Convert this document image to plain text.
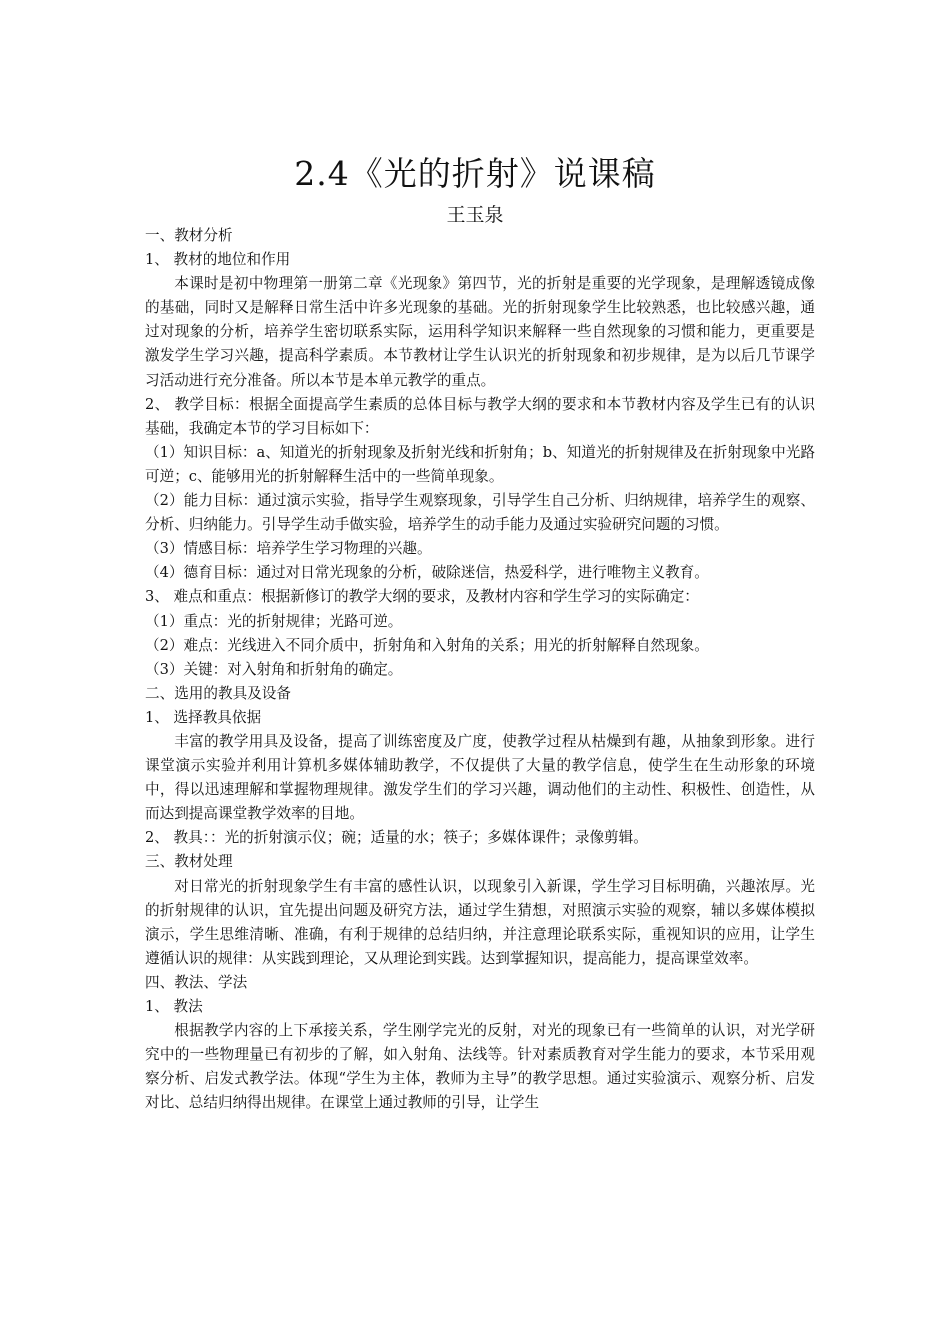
2.4《光的折射》说课稿
王玉泉

一、教材分析

1、 教材的地位和作用

本课时是初中物理第一册第二章《光现象》第四节，光的折射是重要的光学现象，是理解透镜成像的基础，同时又是解释日常生活中许多光现象的基础。光的折射现象学生比较熟悉，也比较感兴趣，通过对现象的分析，培养学生密切联系实际，运用科学知识来解释一些自然现象的习惯和能力，更重要是激发学生学习兴趣，提高科学素质。本节教材让学生认识光的折射现象和初步规律，是为以后几节课学习活动进行充分准备。所以本节是本单元教学的重点。

2、 教学目标：根据全面提高学生素质的总体目标与教学大纲的要求和本节教材内容及学生已有的认识基础，我确定本节的学习目标如下：

（1）知识目标：a、知道光的折射现象及折射光线和折射角；b、知道光的折射规律及在折射现象中光路可逆；c、能够用光的折射解释生活中的一些简单现象。

（2）能力目标：通过演示实验，指导学生观察现象，引导学生自己分析、归纳规律，培养学生的观察、分析、归纳能力。引导学生动手做实验，培养学生的动手能力及通过实验研究问题的习惯。

（3）情感目标：培养学生学习物理的兴趣。

（4）德育目标：通过对日常光现象的分析，破除迷信，热爱科学，进行唯物主义教育。

3、 难点和重点：根据新修订的教学大纲的要求，及教材内容和学生学习的实际确定：

（1）重点：光的折射规律；光路可逆。

（2）难点：光线进入不同介质中，折射角和入射角的关系；用光的折射解释自然现象。

（3）关键：对入射角和折射角的确定。

二、选用的教具及设备

1、 选择教具依据

丰富的教学用具及设备，提高了训练密度及广度，使教学过程从枯燥到有趣，从抽象到形象。进行课堂演示实验并利用计算机多媒体辅助教学，不仅提供了大量的教学信息，使学生在生动形象的环境中，得以迅速理解和掌握物理规律。激发学生们的学习兴趣，调动他们的主动性、积极性、创造性，从而达到提高课堂教学效率的目地。

2、 教具：：光的折射演示仪；碗；适量的水；筷子；多媒体课件；录像剪辑。

三、教材处理

对日常光的折射现象学生有丰富的感性认识，以现象引入新课，学生学习目标明确，兴趣浓厚。光的折射规律的认识，宜先提出问题及研究方法，通过学生猜想，对照演示实验的观察，辅以多媒体模拟演示，学生思维清晰、准确，有利于规律的总结归纳，并注意理论联系实际，重视知识的应用，让学生遵循认识的规律：从实践到理论，又从理论到实践。达到掌握知识，提高能力，提高课堂效率。

四、教法、学法

1、 教法

根据教学内容的上下承接关系，学生刚学完光的反射，对光的现象已有一些简单的认识，对光学研究中的一些物理量已有初步的了解，如入射角、法线等。针对素质教育对学生能力的要求，本节采用观察分析、启发式教学法。体现“学生为主体，教师为主导”的教学思想。通过实验演示、观察分析、启发对比、总结归纳得出规律。在课堂上通过教师的引导，让学生
